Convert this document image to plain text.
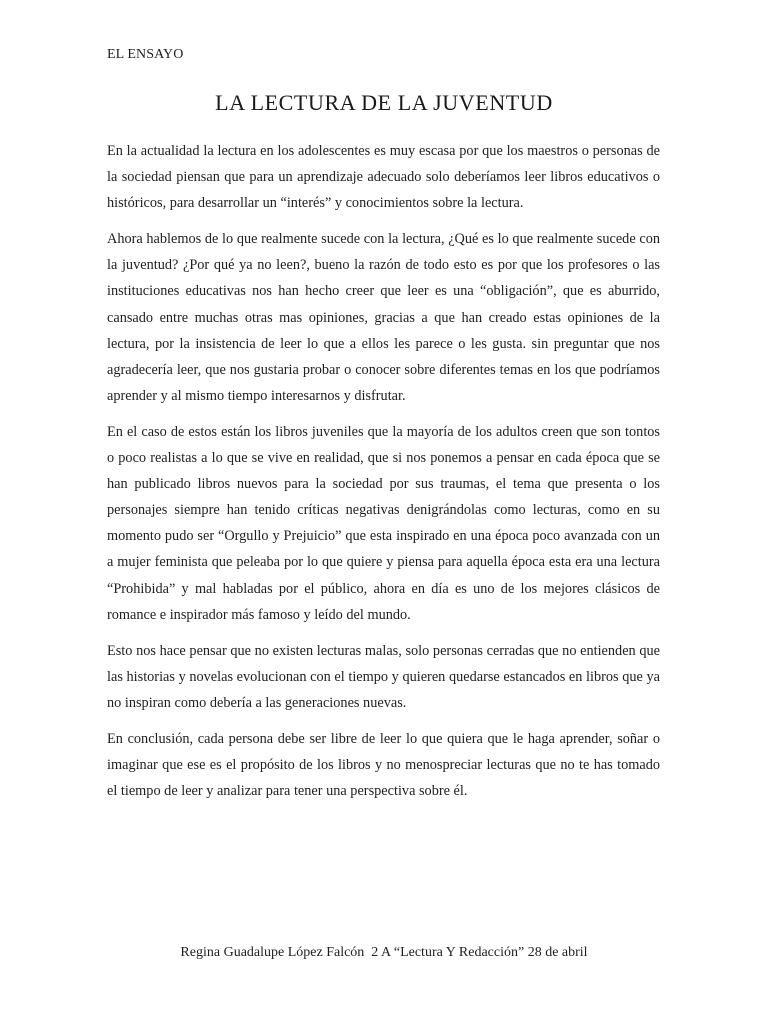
EL ENSAYO
LA LECTURA DE LA JUVENTUD

En la actualidad la lectura en los adolescentes es muy escasa por que los maestros o personas de la sociedad piensan que para un aprendizaje adecuado solo deberíamos leer libros educativos o históricos, para desarrollar un “interés” y conocimientos sobre la lectura.

Ahora hablemos de lo que realmente sucede con la lectura, ¿Qué es lo que realmente sucede con la juventud? ¿Por qué ya no leen?, bueno la razón de todo esto es por que los profesores o las instituciones educativas nos han hecho creer que leer es una “obligación”, que es aburrido, cansado entre muchas otras mas opiniones, gracias a que han creado estas opiniones de la lectura, por la insistencia de leer lo que a ellos les parece o les gusta. sin preguntar que nos agradecería leer, que nos gustaria probar o conocer sobre diferentes temas en los que podríamos aprender y al mismo tiempo interesarnos y disfrutar.

En el caso de estos están los libros juveniles que la mayoría de los adultos creen que son tontos o poco realistas a lo que se vive en realidad, que si nos ponemos a pensar en cada época que se han publicado libros nuevos para la sociedad por sus traumas, el tema que presenta o los personajes siempre han tenido críticas negativas denigrándolas como lecturas, como en su momento pudo ser “Orgullo y Prejuicio” que esta inspirado en una época poco avanzada con un a mujer feminista que peleaba por lo que quiere y piensa para aquella época esta era una lectura “Prohibida” y mal habladas por el público, ahora en día es uno de los mejores clásicos de romance e inspirador más famoso y leído del mundo.

Esto nos hace pensar que no existen lecturas malas, solo personas cerradas que no entienden que las historias y novelas evolucionan con el tiempo y quieren quedarse estancados en libros que ya no inspiran como debería a las generaciones nuevas.

En conclusión, cada persona debe ser libre de leer lo que quiera que le haga aprender, soñar o imaginar que ese es el propósito de los libros y no menospreciar lecturas que no te has tomado el tiempo de leer y analizar para tener una perspectiva sobre él.

Regina Guadalupe López Falcón  2 A “Lectura Y Redacción” 28 de abril
